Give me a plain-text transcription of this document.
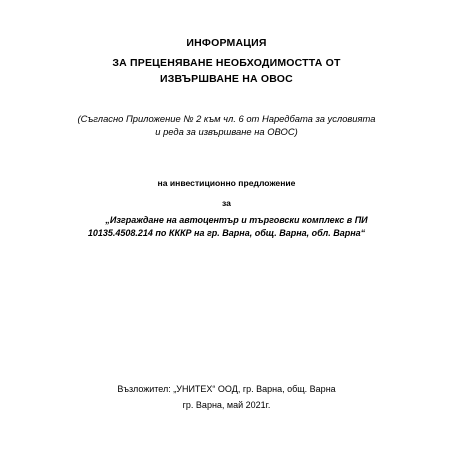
ИНФОРМАЦИЯ
ЗА ПРЕЦЕНЯВАНЕ НЕОБХОДИМОСТТА ОТ
ИЗВЪРШВАНЕ НА ОВОС
(Съгласно Приложение № 2 към чл. 6 от Наредбата за условията
и реда за извършване на ОВОС)
на инвестиционно предложение
за
„Изграждане на автоцентър и търговски комплекс в ПИ
10135.4508.214 по КККР на гр. Варна, общ. Варна, обл. Варна“
Възложител: „УНИТЕХ“ ООД, гр. Варна, общ. Варна
гр. Варна, май 2021г.
